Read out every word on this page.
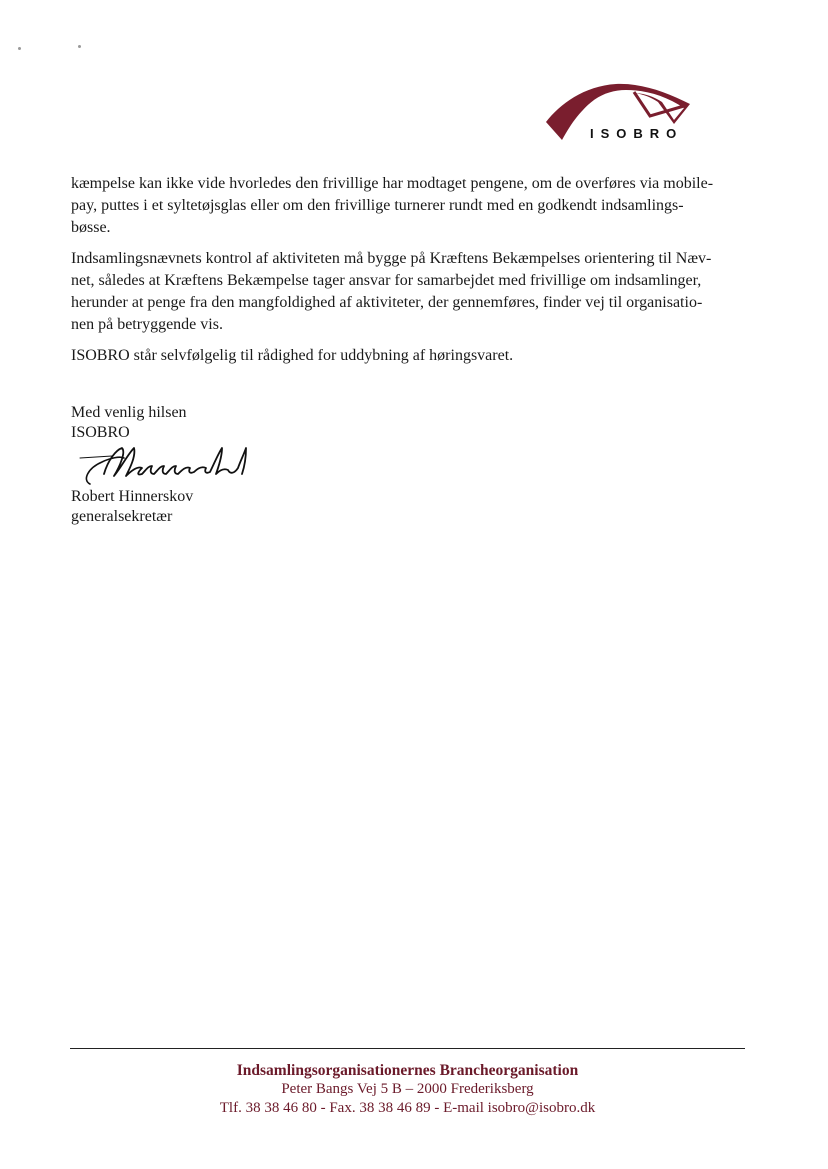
ISOBRO

kæmpelse kan ikke vide hvorledes den frivillige har modtaget pengene, om de overføres via mobile-
pay, puttes i et syltetøjsglas eller om den frivillige turnerer rundt med en godkendt indsamlings-
bøsse.

Indsamlingsnævnets kontrol af aktiviteten må bygge på Kræftens Bekæmpelses orientering til Næv-
net, således at Kræftens Bekæmpelse tager ansvar for samarbejdet med frivillige om indsamlinger,
herunder at penge fra den mangfoldighed af aktiviteter, der gennemføres, finder vej til organisatio-
nen på betryggende vis.

ISOBRO står selvfølgelig til rådighed for uddybning af høringsvaret.

Med venlig hilsen
ISOBRO
Robert Hinnerskov
generalsekretær
Indsamlingsorganisationernes Brancheorganisation
Peter Bangs Vej 5 B – 2000 Frederiksberg
Tlf. 38 38 46 80 - Fax. 38 38 46 89 - E-mail isobro@isobro.dk
